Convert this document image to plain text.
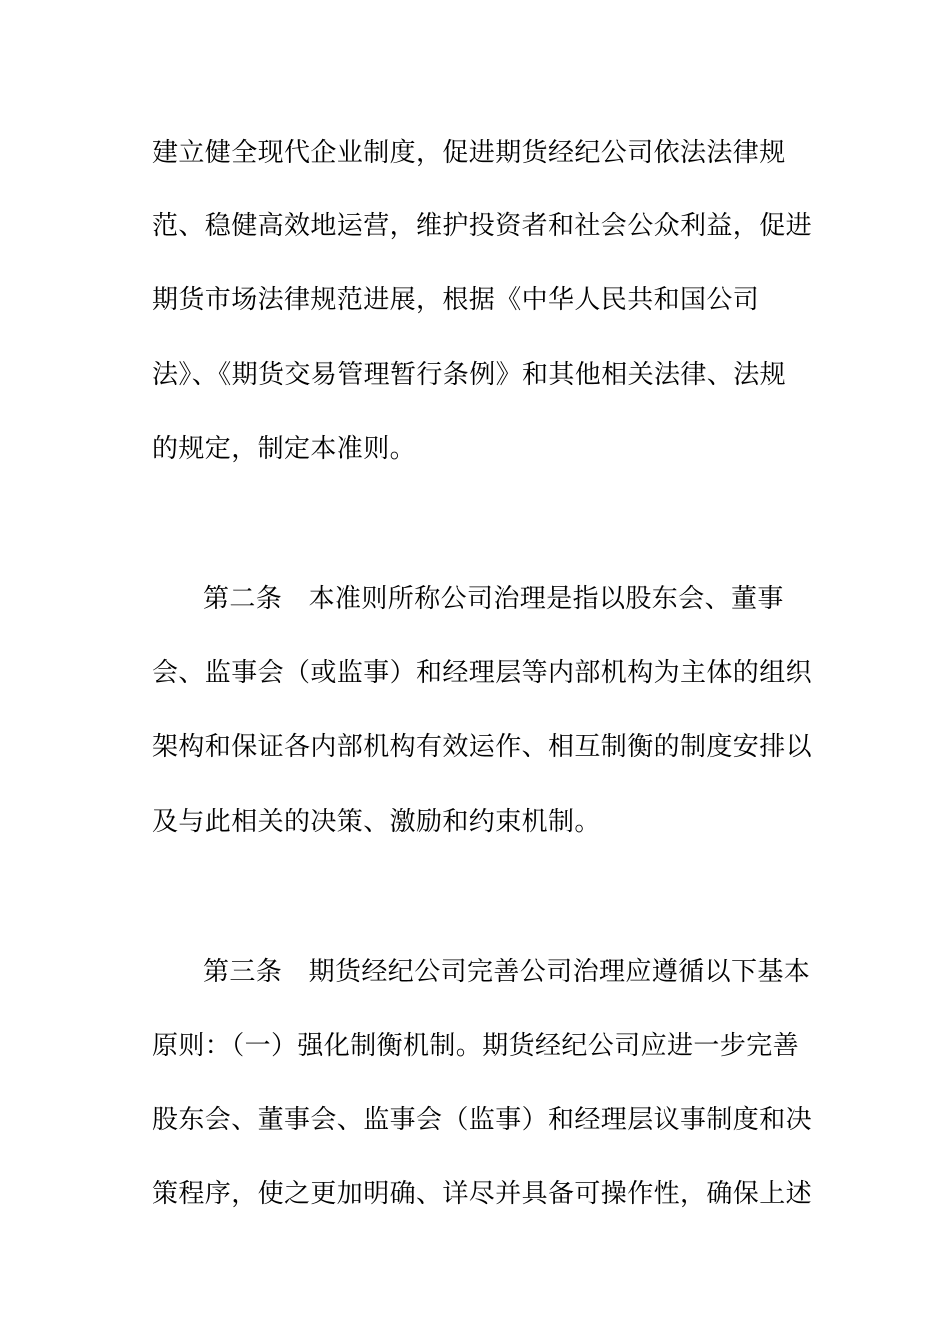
建立健全现代企业制度，促进期货经纪公司依法法律规
范、稳健高效地运营，维护投资者和社会公众利益，促进
期货市场法律规范进展，根据《中华人民共和国公司
法》、《期货交易管理暂行条例》和其他相关法律、法规
的规定，制定本准则。
第二条　本准则所称公司治理是指以股东会、董事
会、监事会（或监事）和经理层等内部机构为主体的组织
架构和保证各内部机构有效运作、相互制衡的制度安排以
及与此相关的决策、激励和约束机制。
第三条　期货经纪公司完善公司治理应遵循以下基本
原则：（一）强化制衡机制。期货经纪公司应进一步完善
股东会、董事会、监事会（监事）和经理层议事制度和决
策程序，使之更加明确、详尽并具备可操作性，确保上述
